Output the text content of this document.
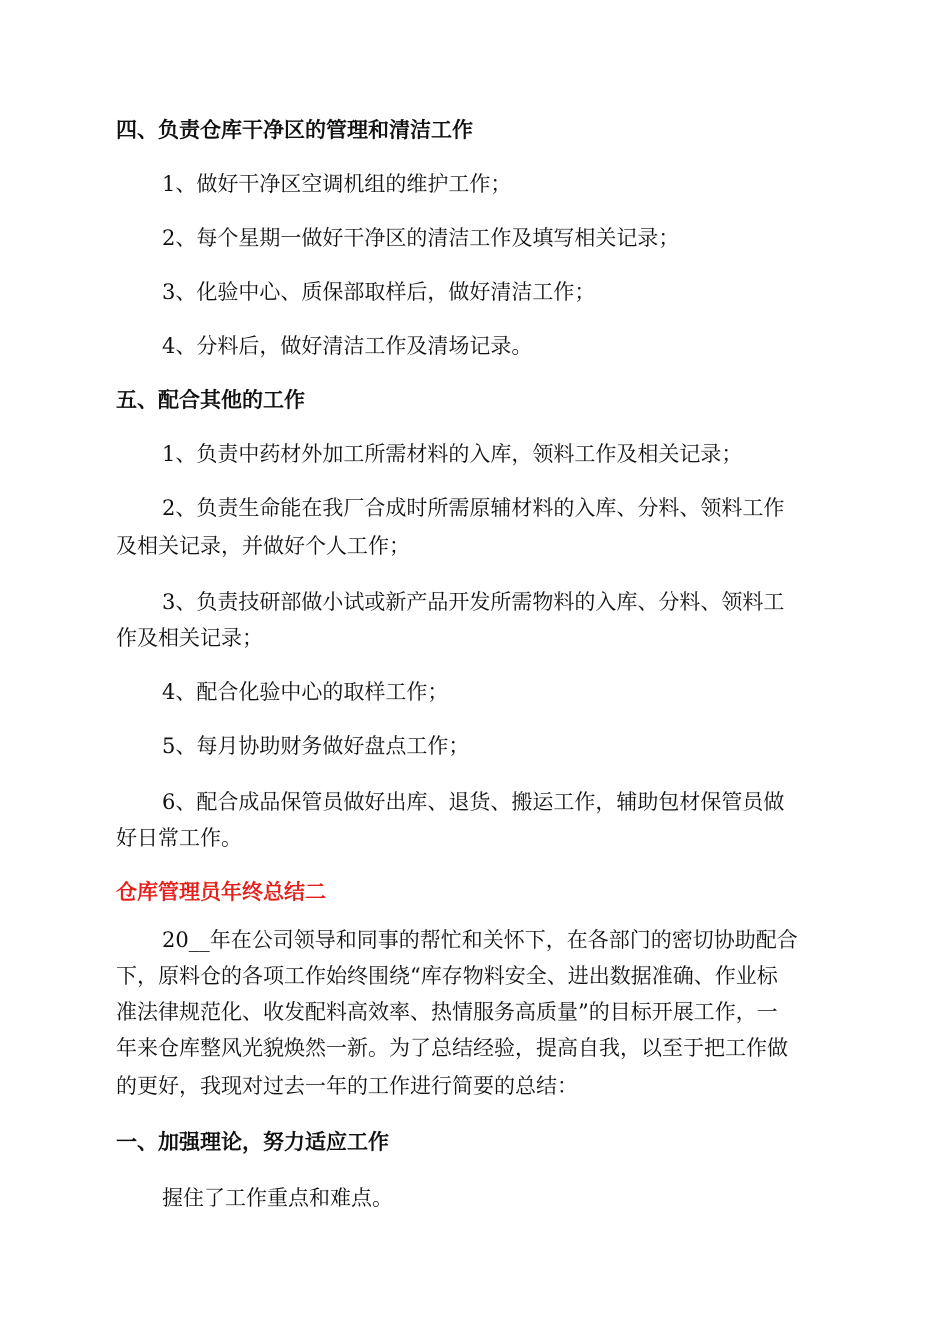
四、负责仓库干净区的管理和清洁工作
1、做好干净区空调机组的维护工作；
2、每个星期一做好干净区的清洁工作及填写相关记录；
3、化验中心、质保部取样后，做好清洁工作；
4、分料后，做好清洁工作及清场记录。
五、配合其他的工作
1、负责中药材外加工所需材料的入库，领料工作及相关记录；
2、负责生命能在我厂合成时所需原辅材料的入库、分料、领料工作
及相关记录，并做好个人工作；
3、负责技研部做小试或新产品开发所需物料的入库、分料、领料工
作及相关记录；
4、配合化验中心的取样工作；
5、每月协助财务做好盘点工作；
6、配合成品保管员做好出库、退货、搬运工作，辅助包材保管员做
好日常工作。
仓库管理员年终总结二
20__年在公司领导和同事的帮忙和关怀下，在各部门的密切协助配合
下，原料仓的各项工作始终围绕“库存物料安全、进出数据准确、作业标
准法律规范化、收发配料高效率、热情服务高质量”的目标开展工作，一
年来仓库整风光貌焕然一新。为了总结经验，提高自我，以至于把工作做
的更好，我现对过去一年的工作进行简要的总结：
一、加强理论，努力适应工作
握住了工作重点和难点。
